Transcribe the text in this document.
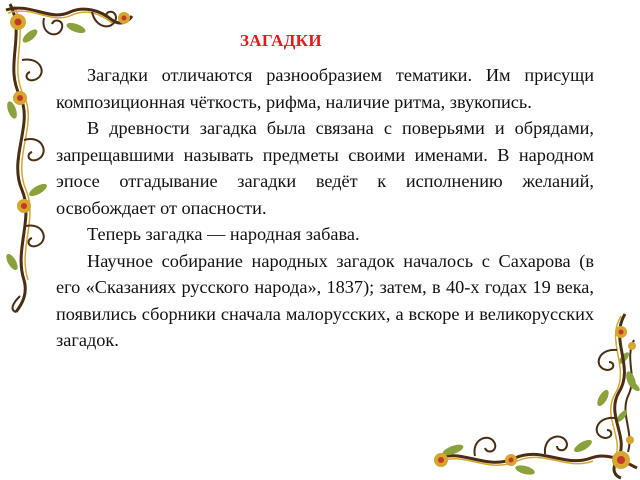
ЗАГАДКИ

Загадки отличаются разнообразием тематики. Им присущи композиционная чёткость, рифма, наличие ритма, звукопись.

В древности загадка была связана с поверьями и обрядами, запрещавшими называть предметы своими именами. В народном эпосе отгадывание загадки ведёт к исполнению желаний, освобождает от опасности.

Теперь загадка — народная забава.

Научное собирание народных загадок началось с Сахарова (в его «Сказаниях русского народа», 1837); затем, в 40-х годах 19 века, появились сборники сначала малорусских, а вскоре и великорусских загадок.
